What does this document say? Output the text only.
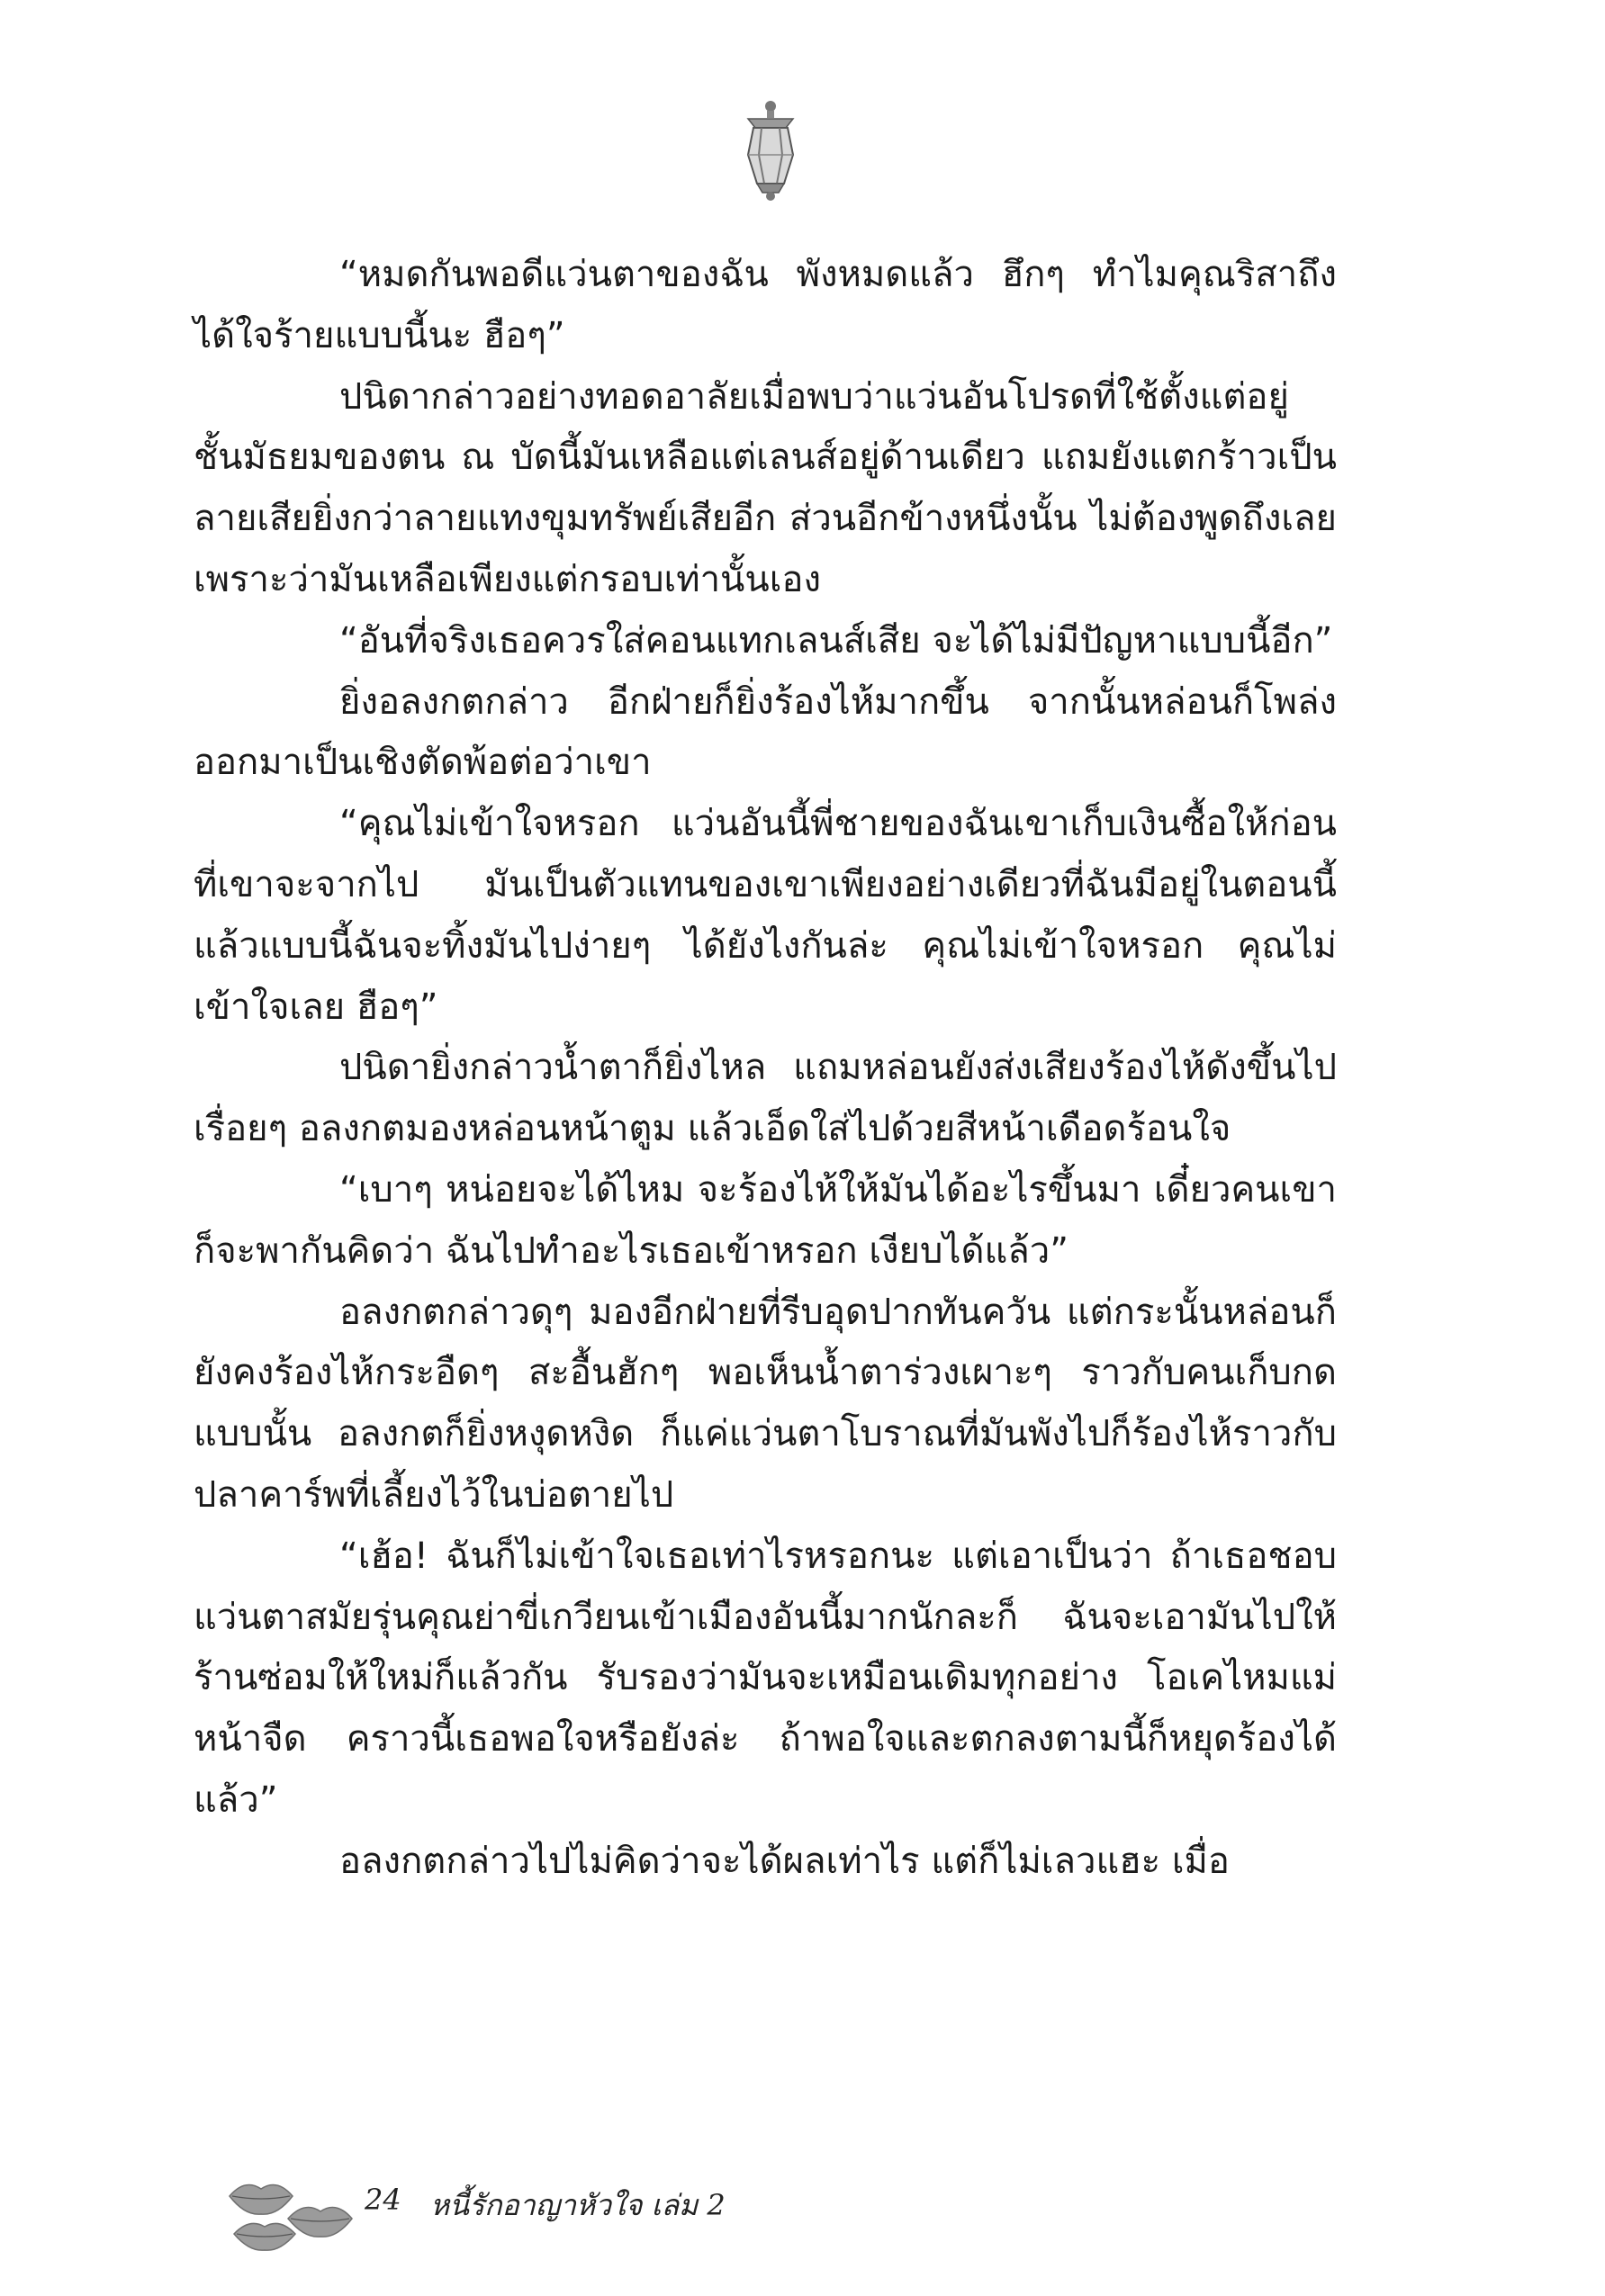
“หมดกันพอดีแว่นตาของฉัน พังหมดแล้ว ฮึกๆ ทำไมคุณริสาถึงได้ใจร้ายแบบนี้นะ ฮือๆ”

ปนิดากล่าวอย่างทอดอาลัยเมื่อพบว่าแว่นอันโปรดที่ใช้ตั้งแต่อยู่ชั้นมัธยมของตน ณ บัดนี้มันเหลือแต่เลนส์อยู่ด้านเดียว แถมยังแตกร้าวเป็นลายเสียยิ่งกว่าลายแทงขุมทรัพย์เสียอีก ส่วนอีกข้างหนึ่งนั้น ไม่ต้องพูดถึงเลย เพราะว่ามันเหลือเพียงแต่กรอบเท่านั้นเอง

“อันที่จริงเธอควรใส่คอนแทกเลนส์เสีย จะได้ไม่มีปัญหาแบบนี้อีก”

ยิ่งอลงกตกล่าว อีกฝ่ายก็ยิ่งร้องไห้มากขึ้น จากนั้นหล่อนก็โพล่งออกมาเป็นเชิงตัดพ้อต่อว่าเขา

“คุณไม่เข้าใจหรอก แว่นอันนี้พี่ชายของฉันเขาเก็บเงินซื้อให้ก่อนที่เขาจะจากไป มันเป็นตัวแทนของเขาเพียงอย่างเดียวที่ฉันมีอยู่ในตอนนี้ แล้วแบบนี้ฉันจะทิ้งมันไปง่ายๆ ได้ยังไงกันล่ะ คุณไม่เข้าใจหรอก คุณไม่เข้าใจเลย ฮือๆ”

ปนิดายิ่งกล่าวน้ำตาก็ยิ่งไหล แถมหล่อนยังส่งเสียงร้องไห้ดังขึ้นไปเรื่อยๆ อลงกตมองหล่อนหน้าตูม แล้วเอ็ดใส่ไปด้วยสีหน้าเดือดร้อนใจ

“เบาๆ หน่อยจะได้ไหม จะร้องไห้ให้มันได้อะไรขึ้นมา เดี๋ยวคนเขาก็จะพากันคิดว่า ฉันไปทำอะไรเธอเข้าหรอก เงียบได้แล้ว”

อลงกตกล่าวดุๆ มองอีกฝ่ายที่รีบอุดปากทันควัน แต่กระนั้นหล่อนก็ยังคงร้องไห้กระอืดๆ สะอื้นฮักๆ พอเห็นน้ำตาร่วงเผาะๆ ราวกับคนเก็บกดแบบนั้น อลงกตก็ยิ่งหงุดหงิด ก็แค่แว่นตาโบราณที่มันพังไปก็ร้องไห้ราวกับปลาคาร์พที่เลี้ยงไว้ในบ่อตายไป

“เฮ้อ! ฉันก็ไม่เข้าใจเธอเท่าไรหรอกนะ แต่เอาเป็นว่า ถ้าเธอชอบแว่นตาสมัยรุ่นคุณย่าขี่เกวียนเข้าเมืองอันนี้มากนักละก็ ฉันจะเอามันไปให้ร้านซ่อมให้ใหม่ก็แล้วกัน รับรองว่ามันจะเหมือนเดิมทุกอย่าง โอเคไหมแม่หน้าจืด คราวนี้เธอพอใจหรือยังล่ะ ถ้าพอใจและตกลงตามนี้ก็หยุดร้องได้แล้ว”

อลงกตกล่าวไปไม่คิดว่าจะได้ผลเท่าไร แต่ก็ไม่เลวแฮะ เมื่อ

24 หนี้รักอาญาหัวใจ เล่ม 2
